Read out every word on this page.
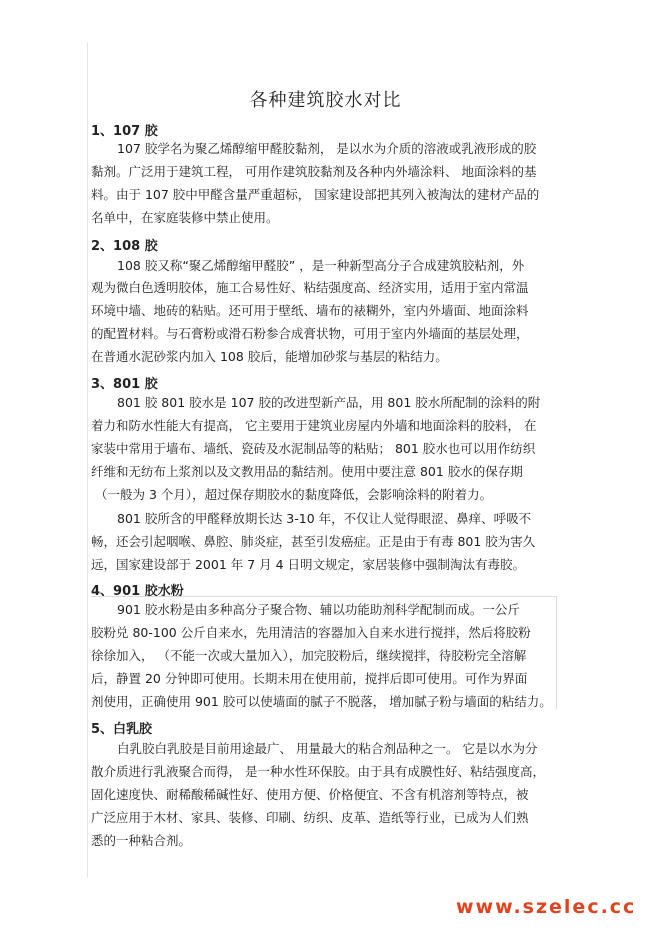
各种建筑胶水对比
1、107 胶
107 胶学名为聚乙烯醇缩甲醛胶黏剂， 是以水为介质的溶液或乳液形成的胶
黏剂。广泛用于建筑工程， 可用作建筑胶黏剂及各种内外墙涂料、 地面涂料的基
料。由于 107 胶中甲醛含量严重超标， 国家建设部把其列入被淘汰的建材产品的
名单中，在家庭装修中禁止使用。
2、108 胶
108 胶又称“聚乙烯醇缩甲醛胶” ，是一种新型高分子合成建筑胶粘剂，外
观为微白色透明胶体，施工合易性好、粘结强度高、经济实用，适用于室内常温
环境中墙、地砖的粘贴。还可用于壁纸、墙布的裱糊外，室内外墙面、地面涂料
的配置材料。与石膏粉或滑石粉参合成膏状物，可用于室内外墙面的基层处理，
在普通水泥砂浆内加入 108 胶后，能增加砂浆与基层的粘结力。
3、801 胶
801 胶 801 胶水是 107 胶的改进型新产品，用 801 胶水所配制的涂料的附
着力和防水性能大有提高， 它主要用于建筑业房屋内外墙和地面涂料的胶料， 在
家装中常用于墙布、墙纸、瓷砖及水泥制品等的粘贴； 801 胶水也可以用作纺织
纤维和无纺布上浆剂以及文教用品的黏结剂。使用中要注意 801 胶水的保存期
（一般为 3 个月），超过保存期胶水的黏度降低，会影响涂料的附着力。
801 胶所含的甲醛释放期长达 3-10 年，不仅让人觉得眼涩、鼻痒、呼吸不
畅，还会引起咽喉、鼻腔、肺炎症，甚至引发癌症。正是由于有毒 801 胶为害久
远，国家建设部于 2001 年 7 月 4 日明文规定，家居装修中强制淘汰有毒胶。
4、901 胶水粉
901 胶水粉是由多种高分子聚合物、辅以功能助剂科学配制而成。一公斤
胶粉兑 80-100 公斤自来水，先用清洁的容器加入自来水进行搅拌，然后将胶粉
徐徐加入， （不能一次或大量加入），加完胶粉后，继续搅拌，待胶粉完全溶解
后，静置 20 分钟即可使用。长期未用在使用前，搅拌后即可使用。可作为界面
剂使用，正确使用 901 胶可以使墙面的腻子不脱落， 增加腻子粉与墙面的粘结力。
5、白乳胶
白乳胶白乳胶是目前用途最广、 用量最大的粘合剂品种之一。 它是以水为分
散介质进行乳液聚合而得， 是一种水性环保胶。由于具有成膜性好、粘结强度高，
固化速度快、耐稀酸稀碱性好、使用方便、价格便宜、不含有机溶剂等特点，被
广泛应用于木材、家具、装修、印刷、纺织、皮革、造纸等行业，已成为人们熟
悉的一种粘合剂。
www.szelec.cc
